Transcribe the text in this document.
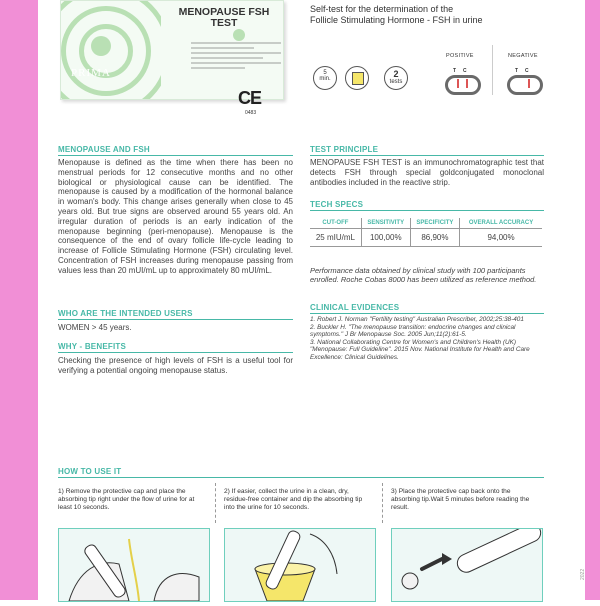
MENOPAUSE FSH TEST
PRIMA
CE
0483
Self-test for the determination of the
Follicle Stimulating Hormone - FSH in urine
5
min.	2
tests
POSITIVE	NEGATIVE
T C	T C
MENOPAUSE AND FSH
Menopause is defined as the time when there has been no menstrual periods for 12 consecutive months and no other biological or physiological cause can be identified. The menopause is caused by a modification of the hormonal balance in woman's body. This change arises generally when close to 45 years old. But true signs are observed around 55 years old. An irregular duration of periods is an early indication of the menopause beginning (peri-menopause). Menopause is the consequence of the end of ovary follicle life-cycle leading to increase of Follicle Stimulating Hormone (FSH) circulating level. Concentration of FSH increases during menopause passing from values less than 20 mUI/mL up to approximately 80 mUI/mL.
WHO ARE THE INTENDED USERS
WOMEN > 45 years.
WHY - BENEFITS
Checking the presence of high levels of FSH is a useful tool for verifying a potential ongoing menopause status.
TEST PRINCIPLE
MENOPAUSE FSH TEST is an immunochromatographic test that detects FSH through special goldconjugated monoclonal antibodies included in the reactive strip.
TECH SPECS
CUT-OFF	SENSITIVITY	SPECIFICITY	OVERALL ACCURACY
25 mIU/mL	100,00%	86,90%	94,00%
Performance data obtained by clinical study with 100 participants enrolled. Roche Cobas 8000 has been utilized as reference method.
CLINICAL EVIDENCES

1. Robert J. Norman "Fertility testing" Australian Prescriber, 2002;25:38-401

2. Buckler H. "The menopause transition: endocrine changes and clinical symptoms." J Br Menopause Soc. 2005 Jun;11(2):61-5.

3. National Collaborating Centre for Women's and Children's Health (UK) "Menopause: Full Guideline". 2015 Nov. National Institute for Health and Care Excellence: Clinical Guidelines.

HOW TO USE IT
1) Remove the protective cap and place the absorbing tip right under the flow of urine for at least 10 seconds.
2) If easier, collect the urine in a clean, dry, residue-free container and dip the absorbing tip into the urine for 10 seconds.
3) Place the protective cap back onto the absorbing tip.Wait 5 minutes before reading the result.
2022
